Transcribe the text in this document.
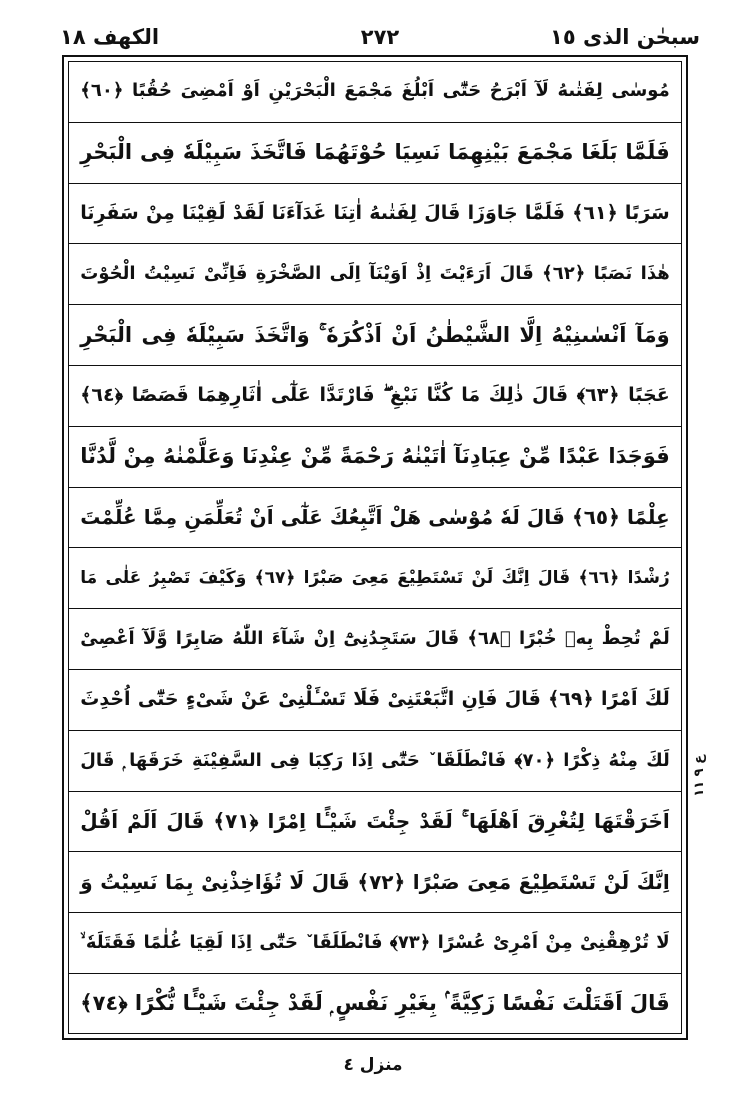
الكهف ١٨	٢٧٢	سبحٰن الذی ١٥
مُوسٰی لِفَتٰىهُ لَآ اَبْرَحُ حَتّٰٓی اَبْلُغَ مَجْمَعَ الْبَحْرَیْنِ اَوْ اَمْضِیَ حُقُبًا ﴿٦٠﴾
فَلَمَّا بَلَغَا مَجْمَعَ بَیْنِهِمَا نَسِیَا حُوْتَهُمَا فَاتَّخَذَ سَبِیْلَهٗ فِی الْبَحْرِ
سَرَبًا ﴿٦١﴾ فَلَمَّا جَاوَزَا قَالَ لِفَتٰىهُ اٰتِنَا غَدَآءَنَا لَقَدْ لَقِیْنَا مِنْ سَفَرِنَا
هٰذَا نَصَبًا ﴿٦٢﴾ قَالَ اَرَءَیْتَ اِذْ اَوَیْنَآ اِلَی الصَّخْرَةِ فَاِنِّیْ نَسِیْتُ الْحُوْتَ
وَمَآ اَنْسٰىنِیْهُ اِلَّا الشَّیْطٰنُ اَنْ اَذْكُرَهٗ ۚ وَاتَّخَذَ سَبِیْلَهٗ فِی الْبَحْرِ
عَجَبًا ﴿٦٣﴾ قَالَ ذٰلِكَ مَا كُنَّا نَبْغِ ۖ فَارْتَدَّا عَلٰٓی اٰثَارِهِمَا قَصَصًا ﴿٦٤﴾
فَوَجَدَا عَبْدًا مِّنْ عِبَادِنَآ اٰتَیْنٰهُ رَحْمَةً مِّنْ عِنْدِنَا وَعَلَّمْنٰهُ مِنْ لَّدُنَّا
عِلْمًا ﴿٦٥﴾ قَالَ لَهٗ مُوْسٰی هَلْ اَتَّبِعُكَ عَلٰٓی اَنْ تُعَلِّمَنِ مِمَّا عُلِّمْتَ
رُشْدًا ﴿٦٦﴾ قَالَ اِنَّكَ لَنْ تَسْتَطِیْعَ مَعِیَ صَبْرًا ﴿٦٧﴾ وَكَیْفَ تَصْبِرُ عَلٰی مَا
لَمْ تُحِطْ بِهٖ خُبْرًا ﴿٦٨﴾ قَالَ سَتَجِدُنِیْٓ اِنْ شَآءَ اللّٰهُ صَابِرًا وَّلَآ اَعْصِیْ
لَكَ اَمْرًا ﴿٦٩﴾ قَالَ فَاِنِ اتَّبَعْتَنِیْ فَلَا تَسْـَٔلْنِیْ عَنْ شَیْءٍ حَتّٰٓی اُحْدِثَ
لَكَ مِنْهُ ذِكْرًا ﴿٧٠﴾ فَانْطَلَقَا ٚ حَتّٰٓی اِذَا رَكِبَا فِی السَّفِیْنَةِ خَرَقَهَا ۭ قَالَ
اَخَرَقْتَهَا لِتُغْرِقَ اَهْلَهَا ۚ لَقَدْ جِئْتَ شَیْـًٔا اِمْرًا ﴿٧١﴾ قَالَ اَلَمْ اَقُلْ
اِنَّكَ لَنْ تَسْتَطِیْعَ مَعِیَ صَبْرًا ﴿٧٢﴾ قَالَ لَا تُؤَاخِذْنِیْ بِمَا نَسِیْتُ وَ
لَا تُرْهِقْنِیْ مِنْ اَمْرِیْ عُسْرًا ﴿٧٣﴾ فَانْطَلَقَا ٚ حَتّٰٓی اِذَا لَقِیَا غُلٰمًا فَقَتَلَهٗ ۙ
قَالَ اَقَتَلْتَ نَفْسًا زَكِیَّةً ۢ بِغَیْرِ نَفْسٍ ۭ لَقَدْ جِئْتَ شَیْـًٔا نُّكْرًا ﴿٧٤﴾
ع ٩ ١١
منزل ٤
